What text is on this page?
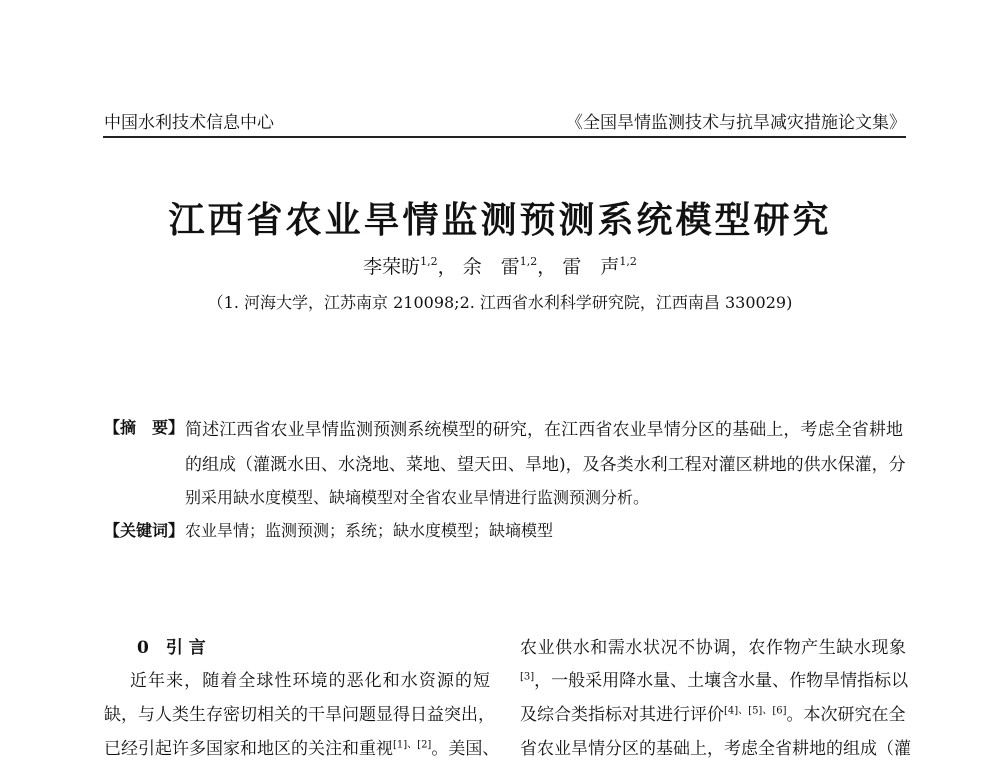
中国水利技术信息中心	《全国旱情监测技术与抗旱减灾措施论文集》
江西省农业旱情监测预测系统模型研究
李荣昉$^{1,2}$， 余　雷$^{1,2}$， 雷　声$^{1,2}$
（1. 河海大学，江苏南京 210098;2. 江西省水利科学研究院，江西南昌 330029)
【摘　要】 简述江西省农业旱情监测预测系统模型的研究，在江西省农业旱情分区的基础上，考虑全省耕地
的组成（灌溉水田、水浇地、菜地、望天田、旱地)，及各类水利工程对灌区耕地的供水保灌，分
别采用缺水度模型、缺墒模型对全省农业旱情进行监测预测分析。
【关键词】 农业旱情；监测预测；系统；缺水度模型；缺墒模型
0　引 言
近年来，随着全球性环境的恶化和水资源的短
缺，与人类生存密切相关的干旱问题显得日益突出，
已经引起许多国家和地区的关注和重视[1]、[2]。美国、
农业供水和需水状况不协调，农作物产生缺水现象
[3]，一般采用降水量、土壤含水量、作物旱情指标以
及综合类指标对其进行评价[4]、[5]、[6]。本次研究在全
省农业旱情分区的基础上，考虑全省耕地的组成（灌
